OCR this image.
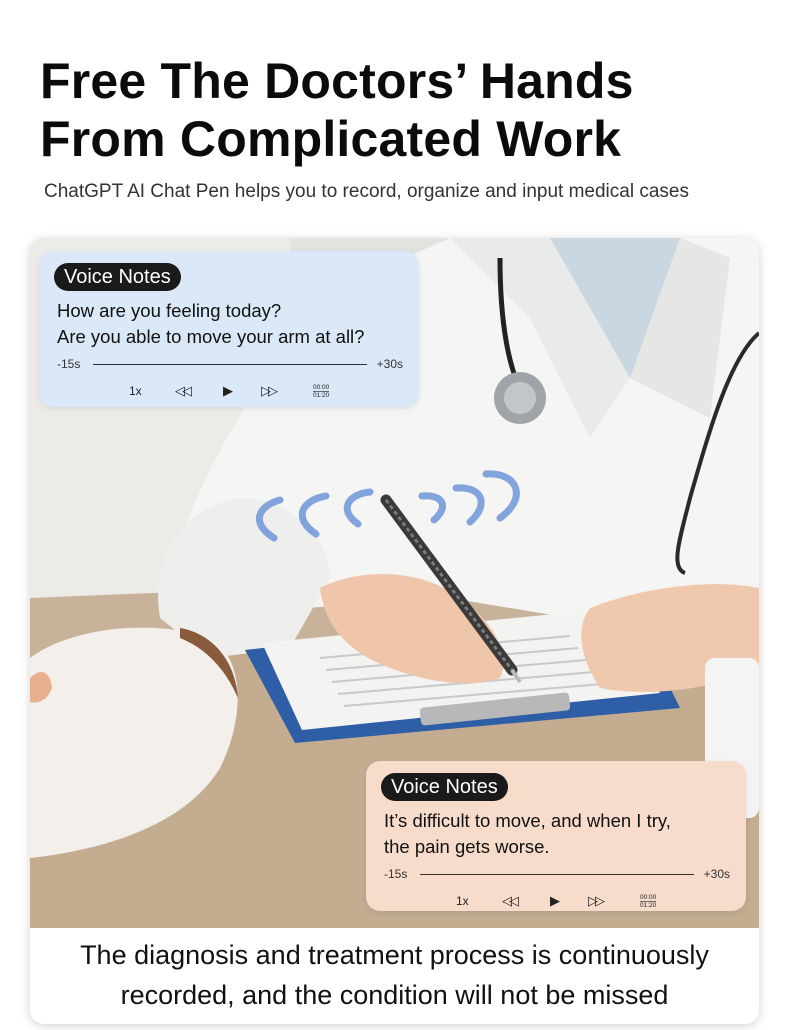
Free The Doctors’ Hands
From Complicated Work
ChatGPT AI Chat Pen helps you to record, organize and input medical cases
Voice Notes
How are you feeling today?
Are you able to move your arm at all?
-15s	+30s
1x	◁◁	▶ ▷▷	00:00
01:20
Voice Notes
It’s difficult to move, and when I try,
the pain gets worse.
-15s	+30s
1x	◁◁	▶ ▷▷	00:00
01:20
The diagnosis and treatment process is continuously
recorded, and the condition will not be missed
